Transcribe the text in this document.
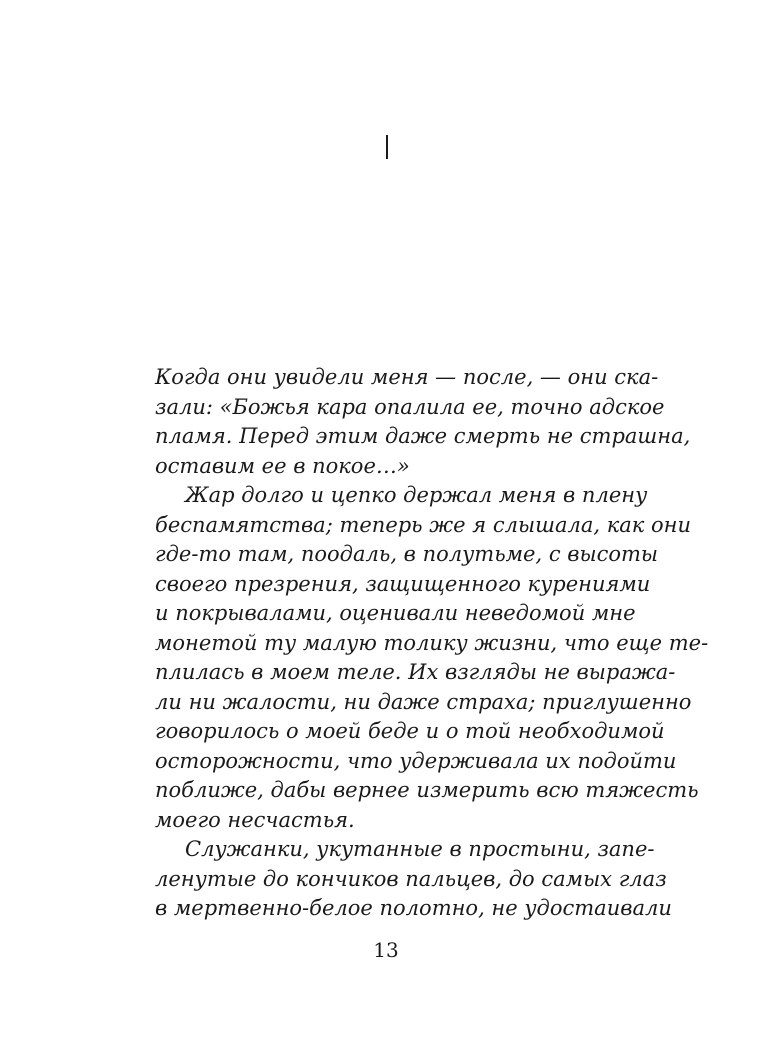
Когда они увидели меня — после, — они ска-
зали: «Божья кара опалила ее, точно адское
пламя. Перед этим даже смерть не страшна,
оставим ее в покое…»
Жар долго и цепко держал меня в плену
беспамятства; теперь же я слышала, как они
где-то там, поодаль, в полутьме, с высоты
своего презрения, защищенного курениями
и покрывалами, оценивали неведомой мне
монетой ту малую толику жизни, что еще те-
плилась в моем теле. Их взгляды не выража-
ли ни жалости, ни даже страха; приглушенно
говорилось о моей беде и о той необходимой
осторожности, что удерживала их подойти
поближе, дабы вернее измерить всю тяжесть
моего несчастья.
Служанки, укутанные в простыни, запе-
ленутые до кончиков пальцев, до самых глаз
в мертвенно-белое полотно, не удостаивали
13
